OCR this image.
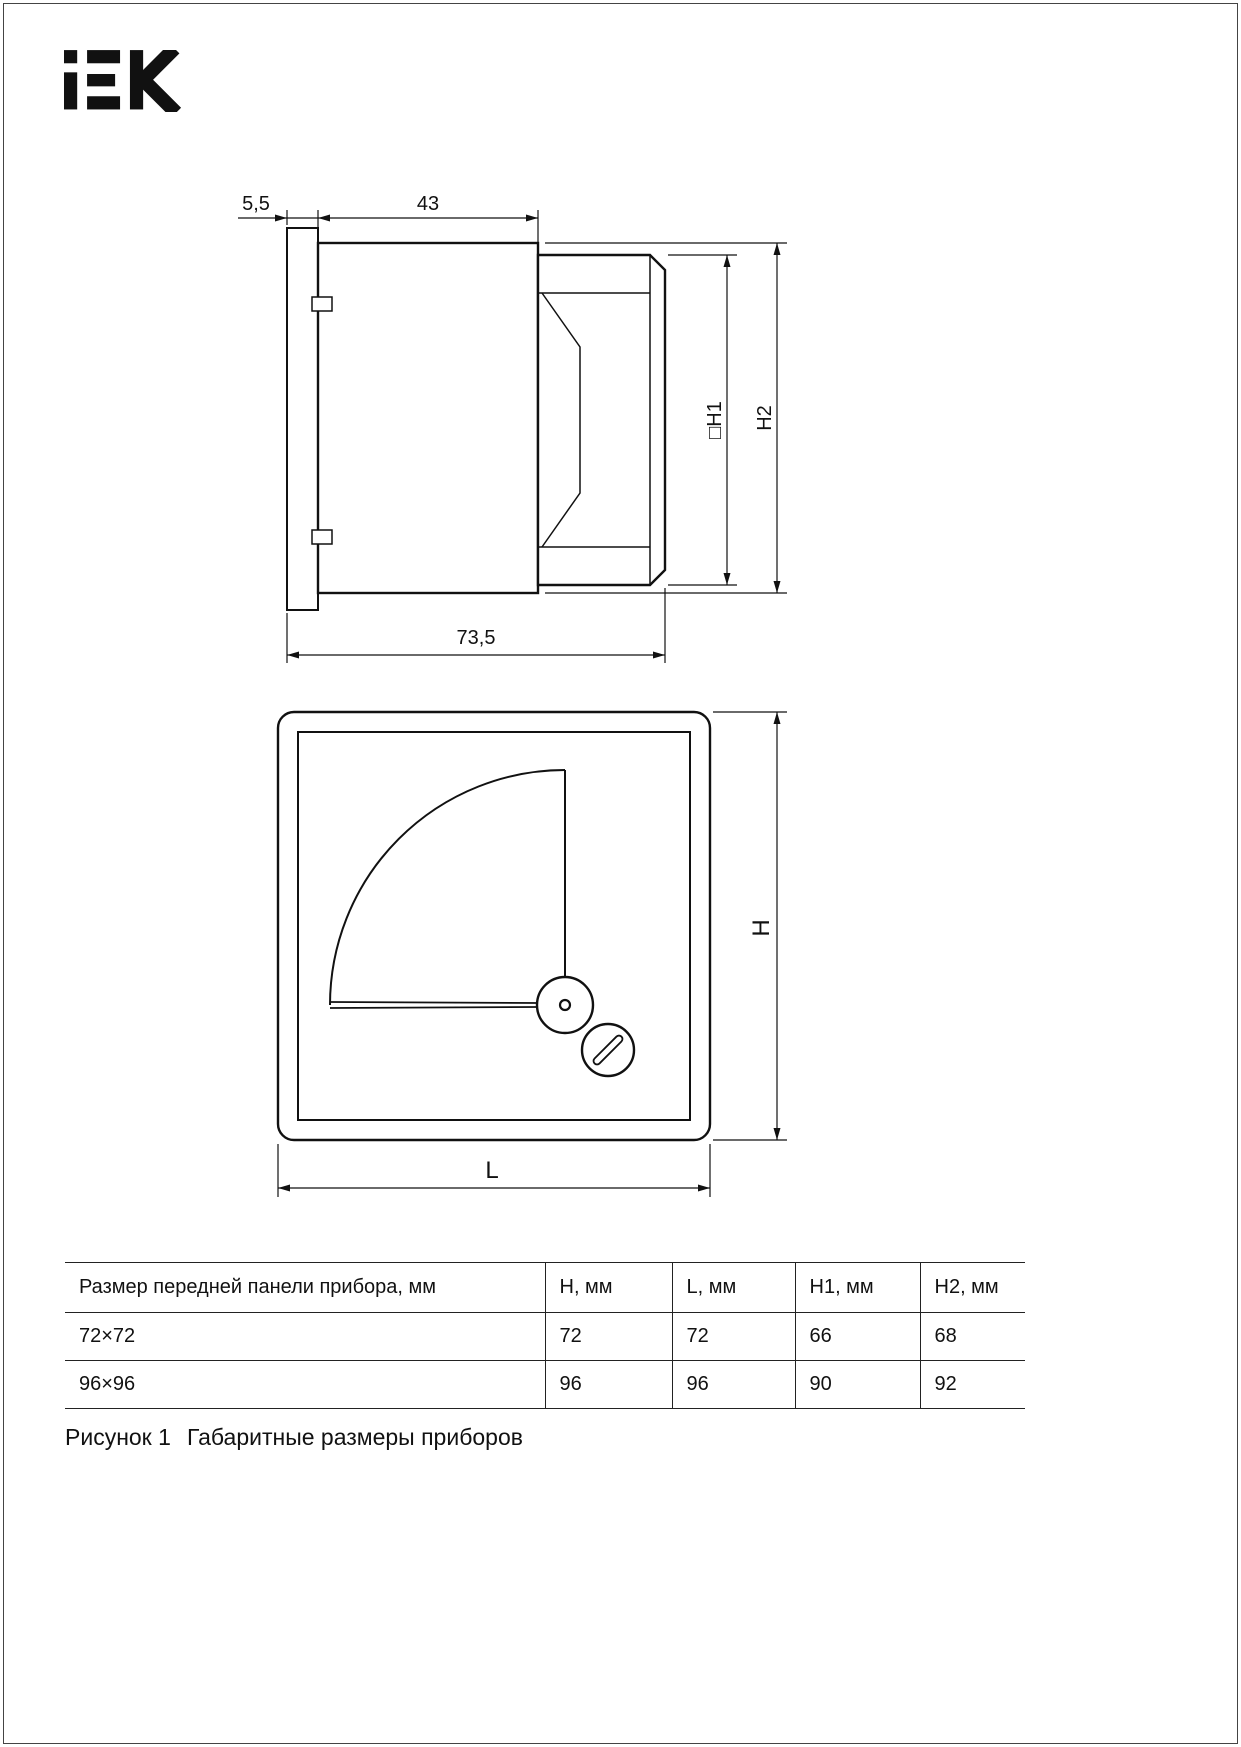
5,5	43
73,5
□H1 H2
H
L
Размер передней панели прибора, мм	H, мм	L, мм	H1, мм	H2, мм
72×72	72	72	66	68
96×96	96	96	90	92
Рисунок 1 Габаритные размеры приборов
